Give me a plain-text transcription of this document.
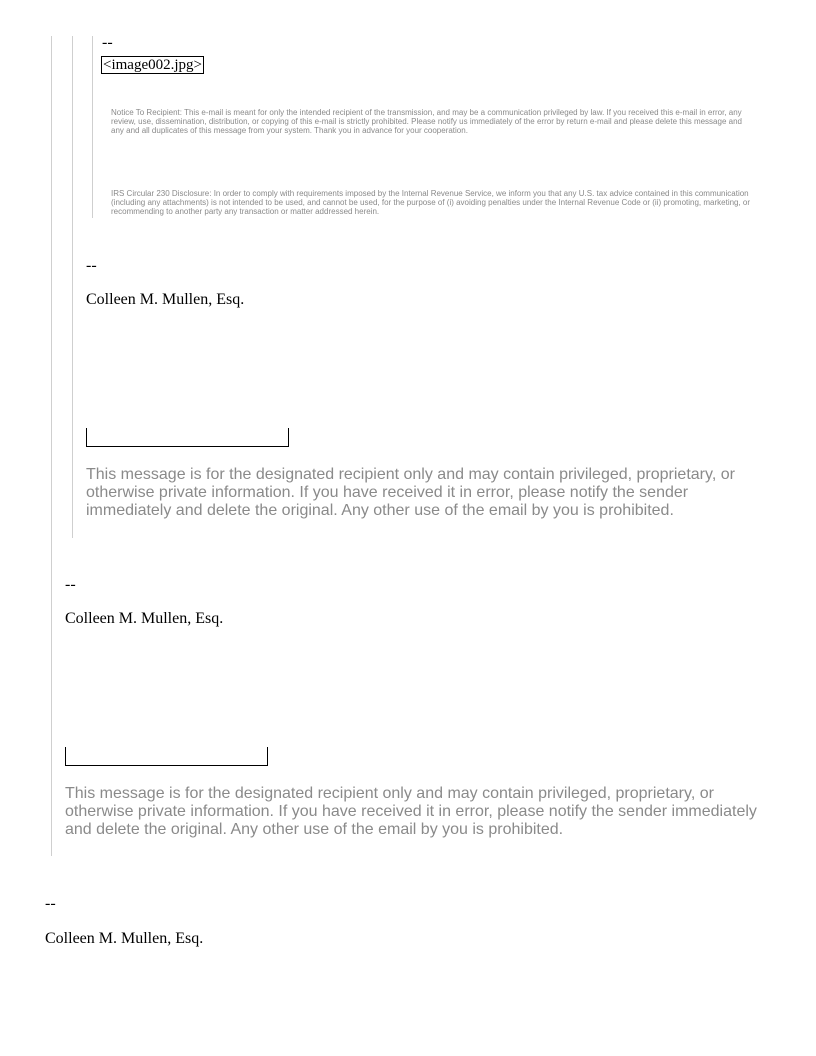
--
<image002.jpg>
Notice To Recipient: This e-mail is meant for only the intended recipient of the transmission, and may be a communication privileged by law. If you received this e-mail in error, any review, use, dissemination, distribution, or copying of this e-mail is strictly prohibited. Please notify us immediately of the error by return e-mail and please delete this message and any and all duplicates of this message from your system. Thank you in advance for your cooperation.
IRS Circular 230 Disclosure: In order to comply with requirements imposed by the Internal Revenue Service, we inform you that any U.S. tax advice contained in this communication (including any attachments) is not intended to be used, and cannot be used, for the purpose of (i) avoiding penalties under the Internal Revenue Code or (ii) promoting, marketing, or recommending to another party any transaction or matter addressed herein.
--
Colleen M. Mullen, Esq.
This message is for the designated recipient only and may contain privileged, proprietary, or otherwise private information. If you have received it in error, please notify the sender immediately and delete the original. Any other use of the email by you is prohibited.
--
Colleen M. Mullen, Esq.
This message is for the designated recipient only and may contain privileged, proprietary, or otherwise private information. If you have received it in error, please notify the sender immediately and delete the original. Any other use of the email by you is prohibited.
--
Colleen M. Mullen, Esq.
